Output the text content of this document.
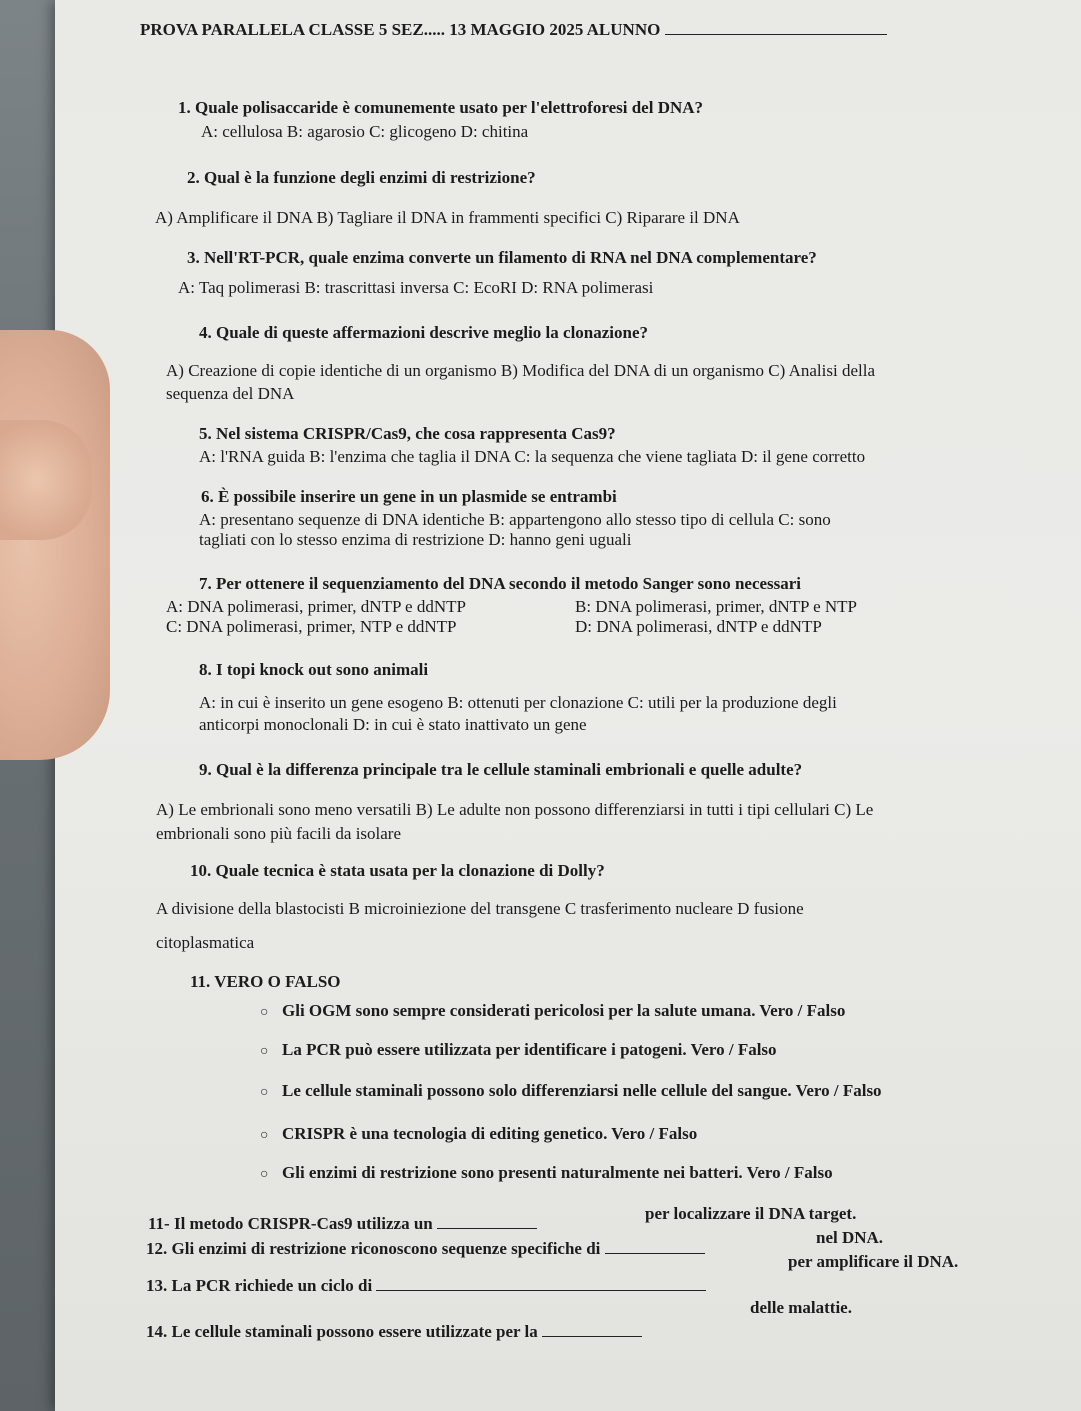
PROVA PARALLELA CLASSE 5 SEZ..... 13 MAGGIO 2025 ALUNNO
1. Quale polisaccaride è comunemente usato per l'elettroforesi del DNA?
A: cellulosa B: agarosio C: glicogeno D: chitina
2. Qual è la funzione degli enzimi di restrizione?
A) Amplificare il DNA B) Tagliare il DNA in frammenti specifici C) Riparare il DNA
3. Nell'RT-PCR, quale enzima converte un filamento di RNA nel DNA complementare?
A: Taq polimerasi B: trascrittasi inversa C: EcoRI D: RNA polimerasi
4. Quale di queste affermazioni descrive meglio la clonazione?
A) Creazione di copie identiche di un organismo B) Modifica del DNA di un organismo C) Analisi della
sequenza del DNA
5. Nel sistema CRISPR/Cas9, che cosa rappresenta Cas9?
A: l'RNA guida B: l'enzima che taglia il DNA C: la sequenza che viene tagliata D: il gene corretto
6. È possibile inserire un gene in un plasmide se entrambi
A: presentano sequenze di DNA identiche B: appartengono allo stesso tipo di cellula C: sono
tagliati con lo stesso enzima di restrizione D: hanno geni uguali
7. Per ottenere il sequenziamento del DNA secondo il metodo Sanger sono necessari
A: DNA polimerasi, primer, dNTP e ddNTP	B: DNA polimerasi, primer, dNTP e NTP
C: DNA polimerasi, primer, NTP e ddNTP	D: DNA polimerasi, dNTP e ddNTP
8. I topi knock out sono animali
A: in cui è inserito un gene esogeno B: ottenuti per clonazione C: utili per la produzione degli
anticorpi monoclonali D: in cui è stato inattivato un gene
9. Qual è la differenza principale tra le cellule staminali embrionali e quelle adulte?
A) Le embrionali sono meno versatili B) Le adulte non possono differenziarsi in tutti i tipi cellulari C) Le
embrionali sono più facili da isolare
10. Quale tecnica è stata usata per la clonazione di Dolly?
A divisione della blastocisti B microiniezione del transgene C trasferimento nucleare D fusione
citoplasmatica
11. VERO O FALSO
○ Gli OGM sono sempre considerati pericolosi per la salute umana. Vero / Falso
○ La PCR può essere utilizzata per identificare i patogeni. Vero / Falso
○ Le cellule staminali possono solo differenziarsi nelle cellule del sangue. Vero / Falso
○ CRISPR è una tecnologia di editing genetico. Vero / Falso
○ Gli enzimi di restrizione sono presenti naturalmente nei batteri. Vero / Falso
11- Il metodo CRISPR-Cas9 utilizza un
per localizzare il DNA target.
12. Gli enzimi di restrizione riconoscono sequenze specifiche di
nel DNA.
13. La PCR richiede un ciclo di
per amplificare il DNA.
14. Le cellule staminali possono essere utilizzate per la
delle malattie.
